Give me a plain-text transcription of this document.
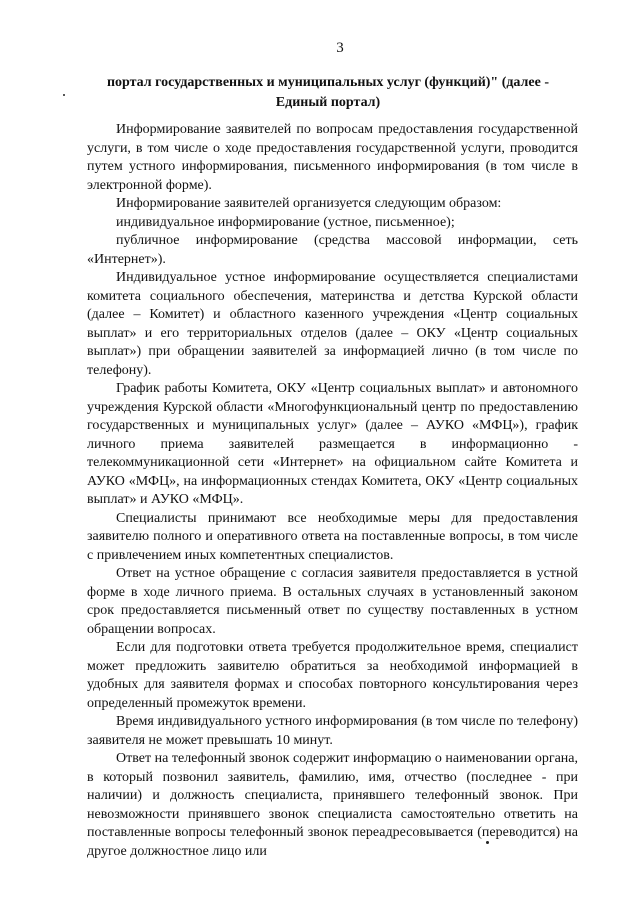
3
портал государственных и муниципальных услуг (функций)" (далее -
Единый портал)

Информирование заявителей по вопросам предоставления государственной услуги, в том числе о ходе предоставления государственной услуги, проводится путем устного информирования, письменного информирования (в том числе в электронной форме).

Информирование заявителей организуется следующим образом:

индивидуальное информирование (устное, письменное);

публичное информирование (средства массовой информации, сеть «Интернет»).

Индивидуальное устное информирование осуществляется специалистами комитета социального обеспечения, материнства и детства Курской области (далее – Комитет) и областного казенного учреждения «Центр социальных выплат» и его территориальных отделов (далее – ОКУ «Центр социальных выплат») при обращении заявителей за информацией лично (в том числе по телефону).

График работы Комитета, ОКУ «Центр социальных выплат» и автономного учреждения Курской области «Многофункциональный центр по предоставлению государственных и муниципальных услуг» (далее – АУКО «МФЦ»), график личного приема заявителей размещается в информационно - телекоммуникационной сети «Интернет» на официальном сайте Комитета и АУКО «МФЦ», на информационных стендах Комитета, ОКУ «Центр социальных выплат» и АУКО «МФЦ».

Специалисты принимают все необходимые меры для предоставления заявителю полного и оперативного ответа на поставленные вопросы, в том числе с привлечением иных компетентных специалистов.

Ответ на устное обращение с согласия заявителя предоставляется в устной форме в ходе личного приема. В остальных случаях в установленный законом срок предоставляется письменный ответ по существу поставленных в устном обращении вопросах.

Если для подготовки ответа требуется продолжительное время, специалист может предложить заявителю обратиться за необходимой информацией в удобных для заявителя формах и способах повторного консультирования через определенный промежуток времени.

Время индивидуального устного информирования (в том числе по телефону) заявителя не может превышать 10 минут.

Ответ на телефонный звонок содержит информацию о наименовании органа, в который позвонил заявитель, фамилию, имя, отчество (последнее - при наличии) и должность специалиста, принявшего телефонный звонок. При невозможности принявшего звонок специалиста самостоятельно ответить на поставленные вопросы телефонный звонок переадресовывается (переводится) на другое должностное лицо или
